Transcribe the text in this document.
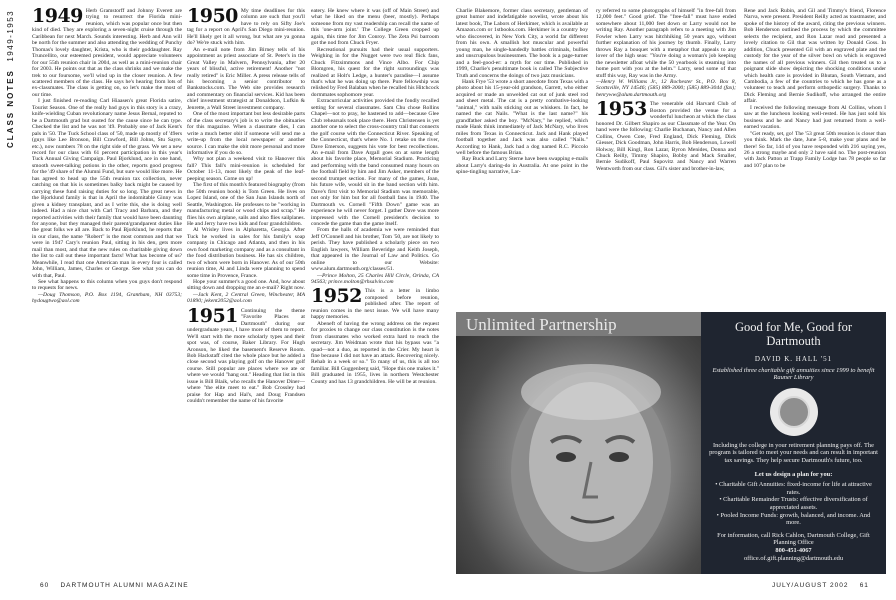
CLASS NOTES  1949-1953 1949 Herb Gramstorff and Johnny Everett are trying to resurrect the Florida mini-reunion, which was popular once but then kind of died. They are exploring a seven-night cruise through the Caribbean for next March. Sounds interesting. Herb and Ann will be north for the summer and also attending the wedding of Punchy Thomas's lovely daughter, Krista, who is their goddaughter. Ray Truncellito, our esteemed president, would appreciate volunteers for our 55th reunion chair in 2004, as well as a mini-reunion chair for 2003. He points out that as the class shrinks and we make the trek to our foursome, we'll wind up in the closer reunion. A few scattered members of the class. He says he's hearing from lots of ex-classmates. The class is getting on, so let's make the most of our time.

I just finished re-reading Carl Hiaasen's great Florida satire, Tourist Season. One of the really bad guys in this story is a crazy, knife-wielding Cuban revolutionary name Jesus Bernal, reputed to be a Dartmouth grad but ousted for the cause since he can type. Checked the list and he was not '49. Probably one of Jack Kent's pals in '50. The Tuck School class of '50, made up mostly of '49ers (guys like Lee Bronson, Bill Crawford, Bill Johns, Stu Sayre, etc.), now numbers 78 on the right side of the grass. We set a new record for our class with 61 percent participation in this year's Tuck Annual Giving Campaign. Paul Bjorklund, ace in one hand, smooth sweet-talking potions in the other, reports good progress for the '49 share of the Alumni Fund, but sure would like more. He has agreed to head up the 55th reunion tax collection, never catching on that his is sometimes balky back might be caused by carrying these fund raising duties for so long. The great news in the Bjorklund family is that in April the indomitable Ginny was given a kidney transplant, and as I write this, she is doing well indeed. Had a nice chat with Carl Tracy and Barbara, and they reported activities with their family that would have been daunting for anyone, but they managed their parent/grandparent duties like the great folks we all are. Back to Paul Bjorklund, he reports that in our class, the name "Robert" is the most common and that we were in 1947 Cary's reunion Paul, sitting in his den, gets more mail than most, and that the new rules on charitable giving down the list to call out these important facts! What has become of us? Meanwhile, I read that one American man in every four is called John, William, James, Charles or George. See what you can do with that, Paul.

See what happens to this column when you guys don't respond to requests for news.

—Doug Thomson, P.O. Box 1194, Grantham, NH 03753; hydougtwo@aol.com

1950 My time deadlines for this column are such that you'll have to rely on Sifty Joe's tag for a report on April's San Diego mini-reunion. He'll likely get it all wrong, but what are ya gonna do? We're stuck with him.

An e-mail note from Jim Birney tells of his appointment as priest associate of St. Peter's in the Great Valley in Malvern, Pennsylvania, after 20 years of blissful, active retirement! Another "not really retired" is Eric Miller. A press release tells of his becoming a senior contributor to Bankstocks.com. The Web site provides research and commentary on financial services. Kid has been chief investment strategist at Donaldson, Lufkin & Jenrette, a Wall Street investment company.

One of the most important but less desirable parts of the class secretary's job is to write the obituaries for this magazine. When a classmate dies, I can write a much better obit if someone will send me a write-up from the local newspaper or another source. I can make the obit more personal and more informative if you do so.

Why not plan a weekend visit to Hanover this fall? This fall's mini-reunion is scheduled for October 11-13, most likely the peak of the leaf-peeping season. Come on up!

The first of this month's featured biography (from the 50th reunion book) is Tom Green. He lives on Lopez Island, one of the San Juan Islands north of Seattle, Washington. He professes to be "working in manufacturing metal or wood chips and scrap." He flies his own airplane, sails and also flies sailplanes. He and Jerry have two kids and four grandchildren.

Al Wrisley lives in Alpharetta, Georgia. After Tuck he worked in sales for his family's soap company in Chicago and Atlanta, and then in his own food marketing company and as a consultant in the food distribution business. He has six children, two of whom were born in Hanover. As of our 50th reunion time, Al and Linda were planning to spend some time in Provence, France.

Hope your summer's a good one. And, how about sitting down and dropping me an e-mail? Right now.

—Jack Kent, 2 Central Green, Winchester, MA 01890; jekent2052@aol.com

1951 Continuing the theme "Favorite Places at Dartmouth" during our undergraduate years, I have more of them to report. We'll start with the more scholarly types and their spot was, of course, Baker Library. For Hugh Aronson, he liked the basement's Reserve Room. Bob Hackstaff cited the whole place but he added a close second was playing golf on the Hanover golf course. Still popular are places where we ate or where we would "hang out." Heading that list in this issue is Bill Blaik, who recalls the Hanover Diner—where "the elite meet to eat." Bob Crossley had praise for Hap and Hal's, and Doug Frandsen couldn't remember the name of his favorite

eatery. He knew where it was (off of Main Street) and what he liked on the menu (beer, mostly). Perhaps someone from my vast readership can recall the name of this 'one-arm joint.' The College Green cropped up again, this time for Jim Conroy. The Zeta Psi barroom got the nod from Chuck Fryer.

Recreational pursuits had their usual supporters. Weighing in for the Nugget were two real flick fans, Chuck Fitzsimmons and Vince Albo. For Chip Blomgren, his quest for the right surroundings was realized at Holt's Ledge, a hunter's paradise—I assume that's what he was doing up there. Pure fellowship was relished by Fred Balaban when he recalled his Hitchcock dormmates sophomore year.

Extracurricular activities provided the fondly recalled setting for several classmates. Sam Chu chose Rollins Chapel—not to pray, he hastened to add—because Glee Club rehearsals took place there. Hem Christensen is yet another one to select the cross-country trail that connects the golf course with the Connecticut River. Speaking of the Connecticut, that's where No. 1 retake on the river, Dave Emerson, suggests his vote for best recollections. An e-mail from Dave Argall goes on at some length about his favorite place, Memorial Stadium. Practicing and performing with the band consumed many hours on the football field by him and Jim Asker, members of the second trumpet section. For many of the games, Joan, his future wife, would sit in the band section with him. Dave's first visit to Memorial Stadium was memorable, not only for him but for all football fans in 1940. The Dartmouth vs. Cornell "Fifth Down" game was an experience he will never forget. I gather Dave was more impressed with the Cornell president's decision to concede the game than the game itself.

From the halls of academia we were reminded that Jeff O'Connell and his brother, Tom '50, are not likely to perish. They have published a scholarly piece on two English lawyers, William Beveridge and Keith Joseph, that appeared in the Journal of Law and Politics. Go online to our Website: www.alum.dartmouth.org/classes/51.

—Prince Molton, 25 Charles Hill Circle, Orinda, CA 94563; prince.molton@rhsalvin.com

1952 This is a letter in limbo composed before reunion, published after. The report of reunion comes in the next issue. We will have many happy memories.

Abeneft of having the wrong address on the request for proxies to change our class constitution is the notes from classmates who worked extra hard to reach the secretary. Jim Weidman wrote that his bypass was "a quad—not a duo, as reported in the Crier. My heart is fine because I did not have an attack. Recovering nicely. Rehab in a week or so." To many of us, this is all too familiar. Bill Guggenberg said, "Hope this one makes it." Bill graduated in 1955, lives in northern Westchester County and has 13 grandchildren. He will be at reunion.

Charlie Blakemore, former class secretary, gentleman of great humor and indefatigable novelist, wrote about his latest book, The Labors of Herkimer, which is available at Amazon.com or 1stbooks.com. Herkimer is a country boy who discovered, in New York City, a world far different from his own. A smallish hot muscular and powerful young man, he single-handedly battles criminals, bullies and unscrupulous businessmen. The book is a page-turner and a feel-good-er: a myth for our time. Published in 1999, Charlie's penultimate book is called The Subjective Truth and concerns the doings of two jazz musicians.

Hank Frye '53 wrote a short anecdote from Texas with a photo about his 15-year-old grandson, Garrett, who either acquired or made an unwelded cat out of junk steel rod and sheet metal. The cat is a pretty combative-looking "animal," with nails sticking out as whiskers. In fact, he named the cat Nails. "What is the last name?" his grandfather asked the boy. "McNary," he replied, which made Hank think immediately of Jack McNary, who lives miles from Texas in Connecticut. Jack and Hank played football together and Jack was also called "Nails." According to Hank, Jack had a dog named R.C. Piccolo well before the famous Brian.

Ray Buck and Larry Sterne have been swapping e-mails about Larry's daring-do in Australia. At one point in the spine-tingling narrative, Lar-

ry referred to some photographs of himself "in free-fall from 12,000 feet." Good grief. The "free-fall" must have ended somewhere about 11,000 feet down or Larry would not be writing Ray. Another paragraph refers to a meeting with Jim Fowler when Larry was hitchhiking 50 years ago, without further explanation of his journey by thumb. Finally, Larry throws Ray a bouquet with a metaphor that appeals to any lover of the high seas: "You're doing a woman's job keeping the newsletter afloat while the 50 yearbook is steaming into home port with you at the helm." Larry, send some of that stuff this way, Ray was in the Army.

—Henry W. Williams Jr., 12 Rochester St., P.O. Box 8, Scottsville, NY 14546; (585) 889-3000; (585) 889-3044 (fax); henryww@alum.dartmouth.org

1953 The venerable old Harvard Club of Boston provided the venue for a wonderful luncheon at which the class honored Dr. Gilbert Shapiro as our Classmate of the Year. On hand were the following: Charlie Buchanan, Nancy and Allen Collins, Owen Cote, Fred England, Dick Fleming, Dick Giesser, Dick Goodman, John Harris, Bob Henderson, Lowell Holway, Bill Kingl, Ron Lazar, Byron Menides, Donna and Chuck Reilly, Timmy Shapiro, Bobby and Mack Smaller, Bernie Sudikoff, Paul Supovitz and Nancy and Warren Wentworth from our class. Gil's sister and brother-in-law,

Rene and Jack Rubin, and Gil and Timmy's friend, Florence Narva, were present. President Reilly acted as toastmaster, and spoke of the history of the award, citing the previous winners. Bob Henderson outlined the process by which the committee selects the recipient, and Ron Lazar read and presented a lovely citation to Gil that was written by Donald Goss. In addition, Chuck presented Gil with an engraved plate and the custody for the year of the silver bowl on which is engraved the names of all previous winners. Gil then treated us to a poignant slide show depicting the shocking conditions under which health care is provided in Bhutan, South Vietnam, and Cambodia, a few of the countries to which he has gone as a volunteer to teach and perform orthopedic surgery. Thanks to Dick Fleming and Bernie Sudikoff, who arranged the entire affair.

I received the following message from Al Collins, whom I saw at the luncheon looking well-rested. He has just sold his business and he and Nancy had just returned from a well-earned vacation.

"Get ready, set, go! The '53 great 50th reunion is closer than you think. Mark the date, June 5-8, make your plans and be there! So far, 144 of you have responded with 216 saying yes, 26 a strong maybe and only 2 have said no. The post-reunion with Jack Patton at Trapp Family Lodge has 78 people so far and 107 plan to be

Unlimited Partnership	Good for Me, Good for Dartmouth
DAVID K. HALL '51
Established three charitable gift annuities since 1999 to benefit Rauner Library
Including the college in your retirement planning pays off. The program is tailored to meet your needs and can result in important tax savings. They help secure Dartmouth's future, too.
Let us design a plan for you:
• Charitable Gift Annuities: fixed-income for life at attractive rates.
• Charitable Remainder Trusts: effective diversification of appreciated assets.
• Pooled Income Funds: growth, balanced, and income. And more.
For information, call Rick Cahlon, Dartmouth College, Gift Planning Office
800-451-4067
office.of.gift.planning@dartmouth.edu
60 DARTMOUTH ALUMNI MAGAZINE	JULY/AUGUST 2002 61
